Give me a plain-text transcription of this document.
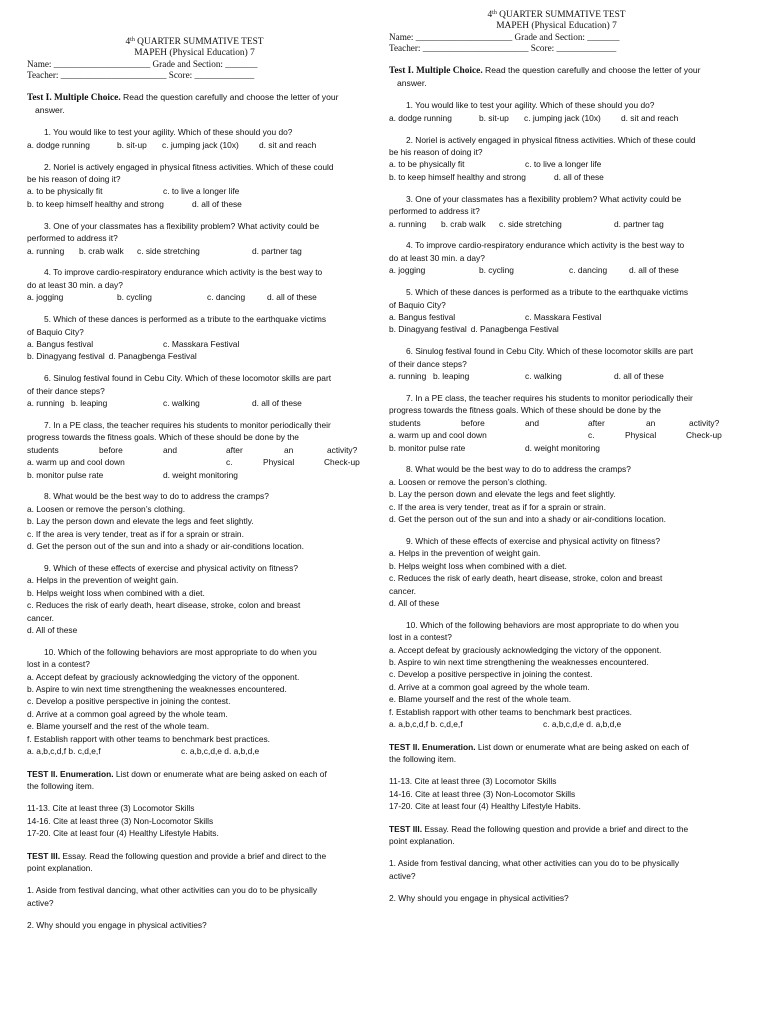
4th QUARTER SUMMATIVE TEST
MAPEH (Physical Education) 7
Name: _____________________ Grade and Section: _______
Teacher: _______________________ Score: _____________
Test I. Multiple Choice. Read the question carefully and choose the letter of your
answer.
1. You would like to test your agility. Which of these should you do?
a. dodge running	b. sit-up c. jumping jack (10x) d. sit and reach
2. Noriel is actively engaged in physical fitness activities. Which of these could
be his reason of doing it?
a. to be physically fit	c. to live a longer life
b. to keep himself healthy and strong	d. all of these
3. One of your classmates has a flexibility problem? What activity could be
performed to address it?
a. running b. crab walk c. side stretching	d. partner tag
4. To improve cardio-respiratory endurance which activity is the best way to
do at least 30 min. a day?
a. jogging	b. cycling	c. dancing	d. all of these
5. Which of these dances is performed as a tribute to the earthquake victims
of Baquio City?
a. Bangus festival	c. Masskara Festival
b. Dinagyang festival d. Panagbenga Festival
6. Sinulog festival found in Cebu City. Which of these locomotor skills are part
of their dance steps?
a. running b. leaping	c. walking	d. all of these
7. In a PE class, the teacher requires his students to monitor periodically their
progress towards the fitness goals. Which of these should be done by the
students	before	and	after	an	activity?
a. warm up and cool down	c.	Physical	Check-up
b. monitor pulse rate	d. weight monitoring
8. What would be the best way to do to address the cramps?
a. Loosen or remove the person’s clothing.
b. Lay the person down and elevate the legs and feet slightly.
c. If the area is very tender, treat as if for a sprain or strain.
d. Get the person out of the sun and into a shady or air-conditions location.
9. Which of these effects of exercise and physical activity on fitness?
a. Helps in the prevention of weight gain.
b. Helps weight loss when combined with a diet.
c. Reduces the risk of early death, heart disease, stroke, colon and breast
cancer.
d. All of these
10. Which of the following behaviors are most appropriate to do when you
lost in a contest?
a. Accept defeat by graciously acknowledging the victory of the opponent.
b. Aspire to win next time strengthening the weaknesses encountered.
c. Develop a positive perspective in joining the contest.
d. Arrive at a common goal agreed by the whole team.
e. Blame yourself and the rest of the whole team.
f. Establish rapport with other teams to benchmark best practices.
a. a,b,c,d,f b. c,d,e,f	c. a,b,c,d,e d. a,b,d,e
TEST II. Enumeration. List down or enumerate what are being asked on each of
the following item.
11-13. Cite at least three (3) Locomotor Skills
14-16. Cite at least three (3) Non-Locomotor Skills
17-20. Cite at least four (4) Healthy Lifestyle Habits.
TEST III. Essay. Read the following question and provide a brief and direct to the
point explanation.
1. Aside from festival dancing, what other activities can you do to be physically
active?
2. Why should you engage in physical activities?
4th QUARTER SUMMATIVE TEST
MAPEH (Physical Education) 7
Name: _____________________ Grade and Section: _______
Teacher: _______________________ Score: _____________
Test I. Multiple Choice. Read the question carefully and choose the letter of your
answer.
1. You would like to test your agility. Which of these should you do?
a. dodge running	b. sit-up c. jumping jack (10x) d. sit and reach
2. Noriel is actively engaged in physical fitness activities. Which of these could
be his reason of doing it?
a. to be physically fit	c. to live a longer life
b. to keep himself healthy and strong	d. all of these
3. One of your classmates has a flexibility problem? What activity could be
performed to address it?
a. running b. crab walk c. side stretching	d. partner tag
4. To improve cardio-respiratory endurance which activity is the best way to
do at least 30 min. a day?
a. jogging	b. cycling	c. dancing	d. all of these
5. Which of these dances is performed as a tribute to the earthquake victims
of Baquio City?
a. Bangus festival	c. Masskara Festival
b. Dinagyang festival d. Panagbenga Festival
6. Sinulog festival found in Cebu City. Which of these locomotor skills are part
of their dance steps?
a. running b. leaping	c. walking	d. all of these
7. In a PE class, the teacher requires his students to monitor periodically their
progress towards the fitness goals. Which of these should be done by the
students	before	and	after	an	activity?
a. warm up and cool down	c.	Physical	Check-up
b. monitor pulse rate	d. weight monitoring
8. What would be the best way to do to address the cramps?
a. Loosen or remove the person’s clothing.
b. Lay the person down and elevate the legs and feet slightly.
c. If the area is very tender, treat as if for a sprain or strain.
d. Get the person out of the sun and into a shady or air-conditions location.
9. Which of these effects of exercise and physical activity on fitness?
a. Helps in the prevention of weight gain.
b. Helps weight loss when combined with a diet.
c. Reduces the risk of early death, heart disease, stroke, colon and breast
cancer.
d. All of these
10. Which of the following behaviors are most appropriate to do when you
lost in a contest?
a. Accept defeat by graciously acknowledging the victory of the opponent.
b. Aspire to win next time strengthening the weaknesses encountered.
c. Develop a positive perspective in joining the contest.
d. Arrive at a common goal agreed by the whole team.
e. Blame yourself and the rest of the whole team.
f. Establish rapport with other teams to benchmark best practices.
a. a,b,c,d,f b. c,d,e,f	c. a,b,c,d,e d. a,b,d,e
TEST II. Enumeration. List down or enumerate what are being asked on each of
the following item.
11-13. Cite at least three (3) Locomotor Skills
14-16. Cite at least three (3) Non-Locomotor Skills
17-20. Cite at least four (4) Healthy Lifestyle Habits.
TEST III. Essay. Read the following question and provide a brief and direct to the
point explanation.
1. Aside from festival dancing, what other activities can you do to be physically
active?
2. Why should you engage in physical activities?
